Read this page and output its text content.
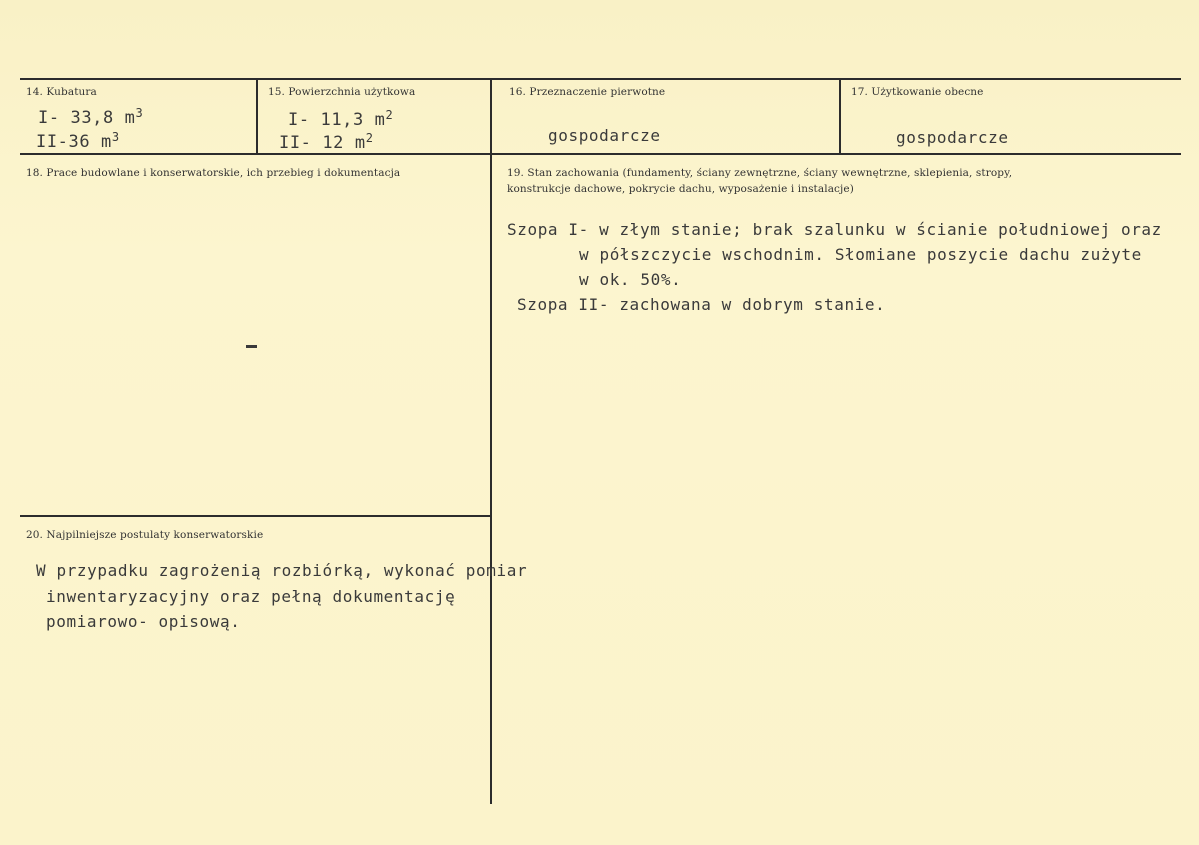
14. Kubatura
I- 33,8 $m^3$
II-36 $m^3$
15. Powierzchnia użytkowa
I- 11,3 $m^2$
II- 12 $m^2$
16. Przeznaczenie pierwotne
gospodarcze
17. Użytkowanie obecne
gospodarcze
18. Prace budowlane i konserwatorskie, ich przebieg i dokumentacja	19. Stan zachowania (fundamenty, ściany zewnętrzne, ściany wewnętrzne, sklepienia, stropy,
konstrukcje dachowe, pokrycie dachu, wyposażenie i instalacje)
Szopa I- w złym stanie; brak szalunku w ścianie południowej oraz
w półszczycie wschodnim. Słomiane poszycie dachu zużyte
w ok. 50%.
Szopa II- zachowana w dobrym stanie.
20. Najpilniejsze postulaty konserwatorskie
W przypadku zagrożenią rozbiórką, wykonać pomiar
inwentaryzacyjny oraz pełną dokumentację
pomiarowo- opisową.
